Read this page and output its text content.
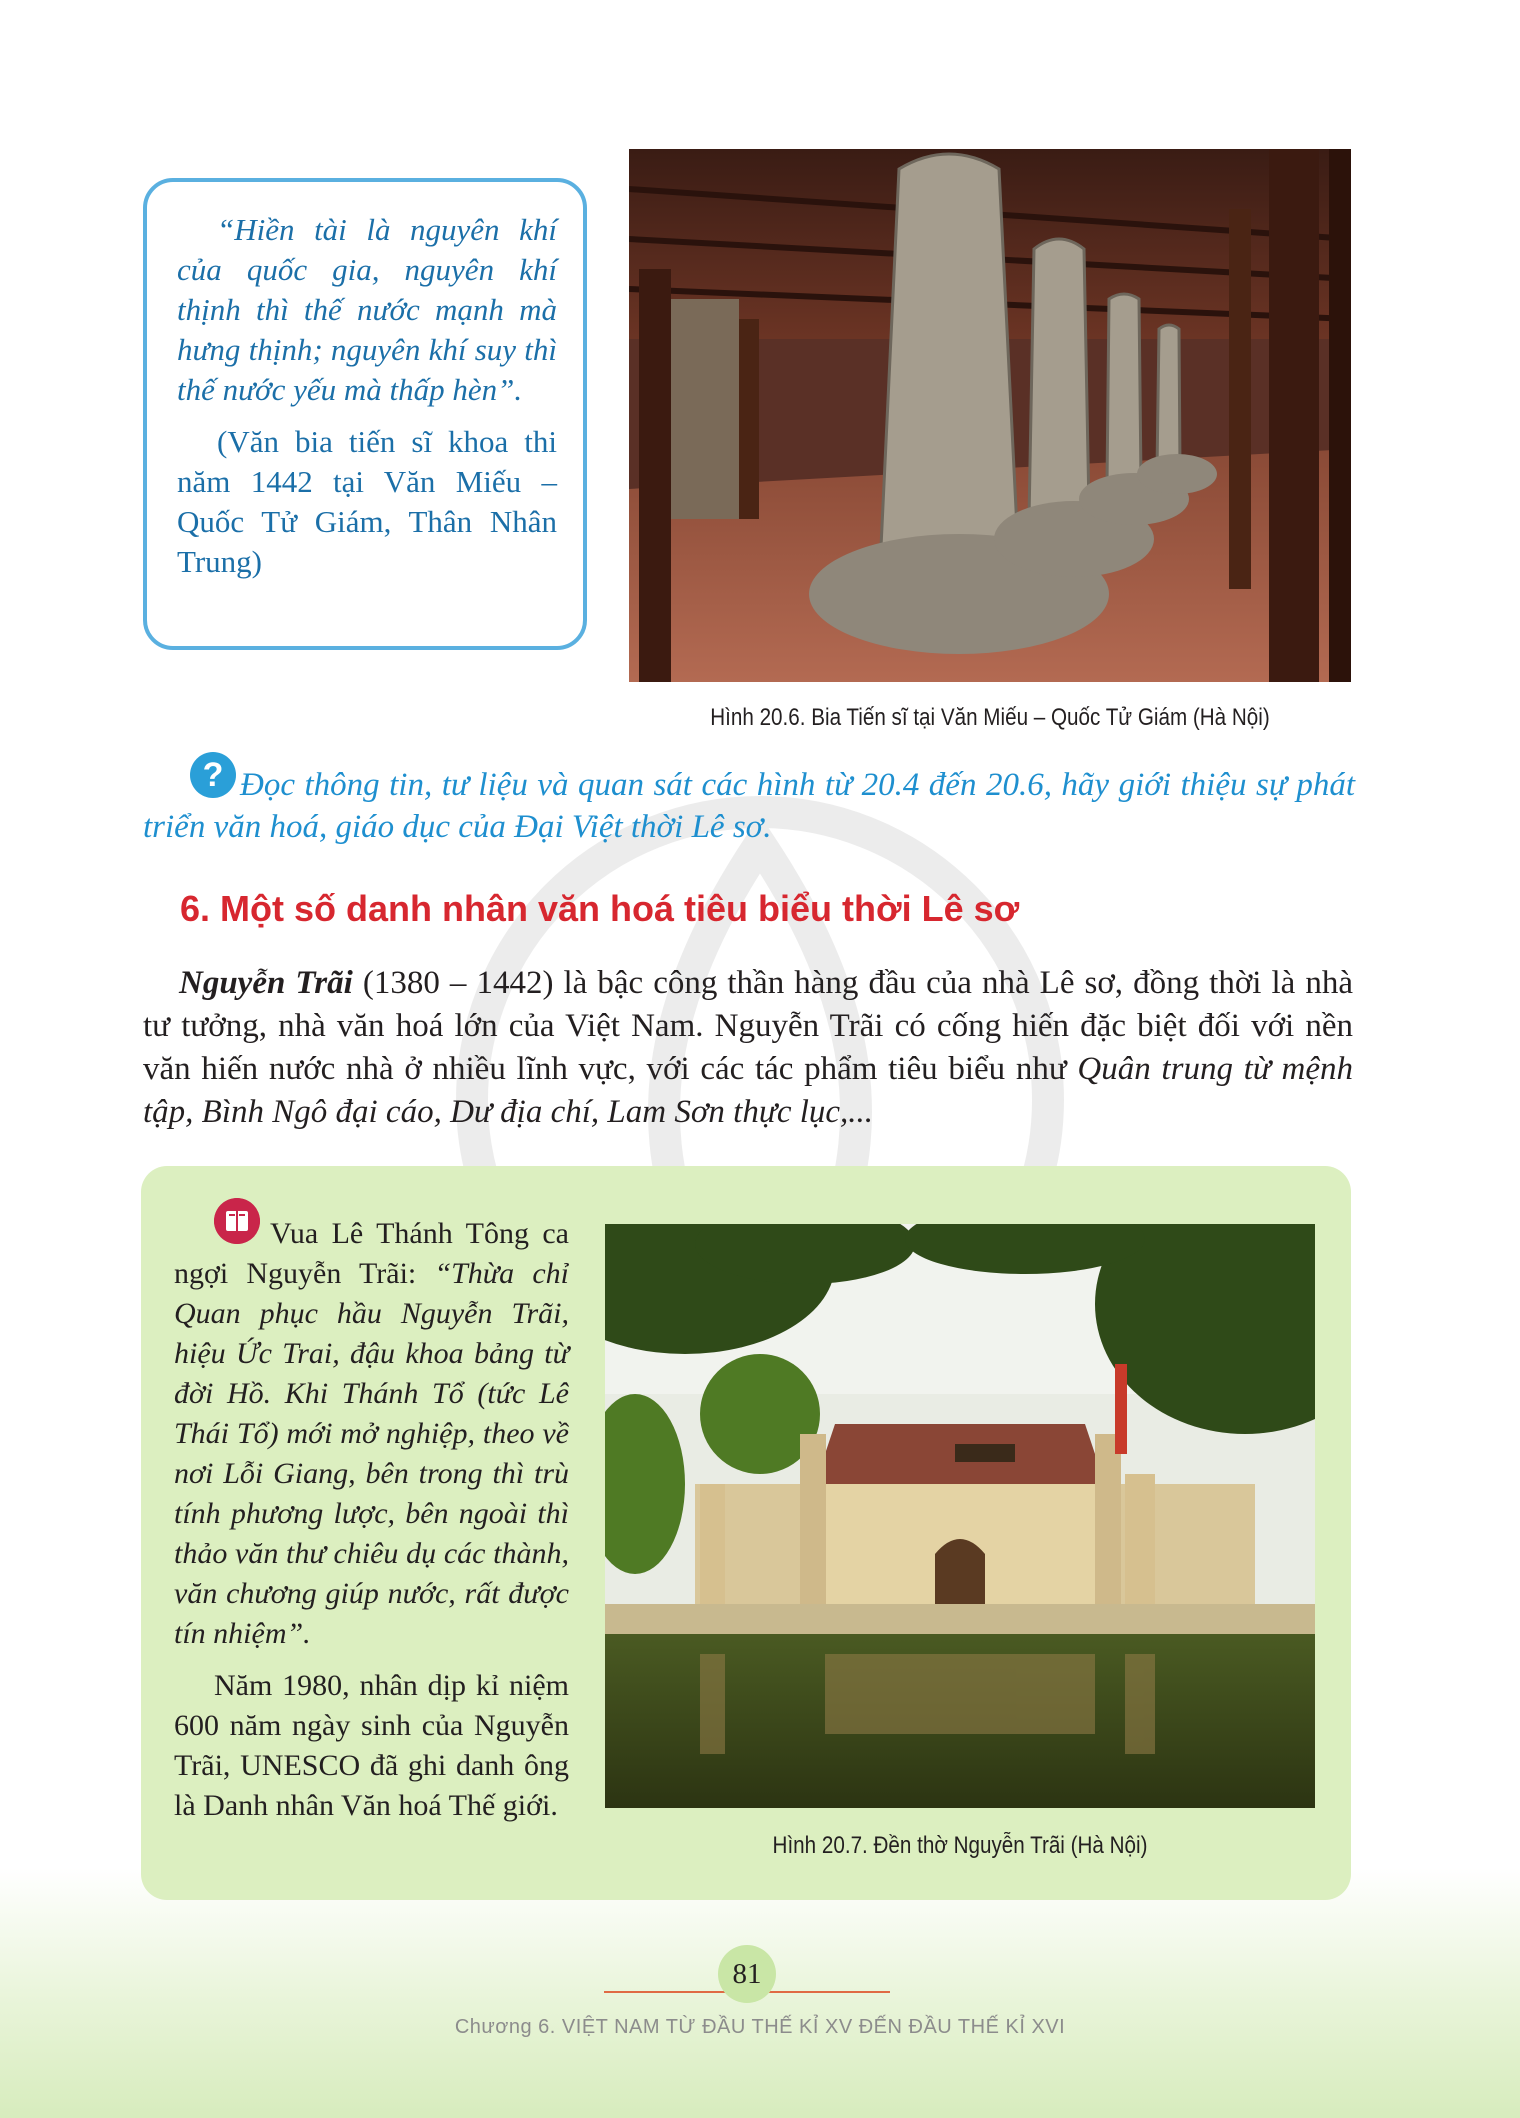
“Hiền tài là nguyên khí của quốc gia, nguyên khí thịnh thì thế nước mạnh mà hưng thịnh; nguyên khí suy thì thế nước yếu mà thấp hèn”.

(Văn bia tiến sĩ khoa thi năm 1442 tại Văn Miếu – Quốc Tử Giám, Thân Nhân Trung)

Hình 20.6. Bia Tiến sĩ tại Văn Miếu – Quốc Tử Giám (Hà Nội)
? Đọc thông tin, tư liệu và quan sát các hình từ 20.4 đến 20.6, hãy giới thiệu sự phát triển văn hoá, giáo dục của Đại Việt thời Lê sơ.

6. Một số danh nhân văn hoá tiêu biểu thời Lê sơ

Nguyễn Trãi (1380 – 1442) là bậc công thần hàng đầu của nhà Lê sơ, đồng thời là nhà tư tưởng, nhà văn hoá lớn của Việt Nam. Nguyễn Trãi có cống hiến đặc biệt đối với nền văn hiến nước nhà ở nhiều lĩnh vực, với các tác phẩm tiêu biểu như Quân trung từ mệnh tập, Bình Ngô đại cáo, Dư địa chí, Lam Sơn thực lục,...

Vua Lê Thánh Tông ca ngợi Nguyễn Trãi: “Thừa chỉ Quan phục hầu Nguyễn Trãi, hiệu Ức Trai, đậu khoa bảng từ đời Hồ. Khi Thánh Tổ (tức Lê Thái Tổ) mới mở nghiệp, theo về nơi Lỗi Giang, bên trong thì trù tính phương lược, bên ngoài thì thảo văn thư chiêu dụ các thành, văn chương giúp nước, rất được tín nhiệm”.

Năm 1980, nhân dịp kỉ niệm 600 năm ngày sinh của Nguyễn Trãi, UNESCO đã ghi danh ông là Danh nhân Văn hoá Thế giới.

Hình 20.7. Đền thờ Nguyễn Trãi (Hà Nội)
81
Chương 6. VIỆT NAM TỪ ĐẦU THẾ KỈ XV ĐẾN ĐẦU THẾ KỈ XVI
